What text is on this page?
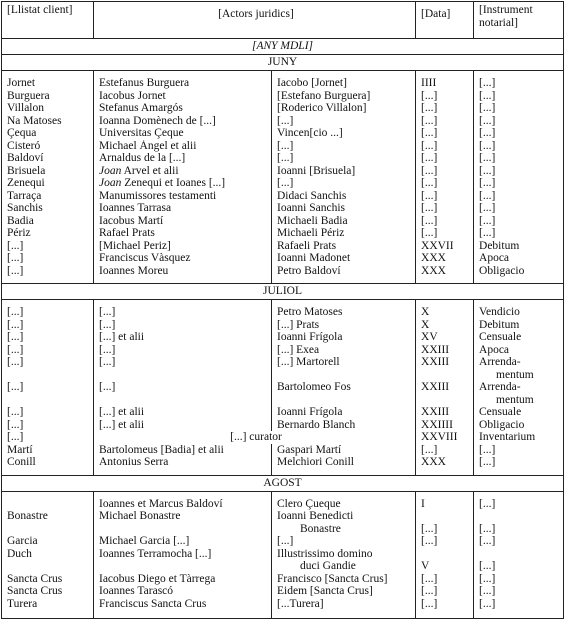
[Llistat client]	[Actors juridics]		[Data]	[Instrument notarial]
[ANY MDLI]				
JUNY				

Jornet	Estefanus Burguera	Iacobo [Jornet]	IIII	[...]
Burguera	Iacobus Jornet	[Estefano Burguera]	[...]	[...]
Villalon	Stefanus Amargós	[Roderico Villalon]	[...]	[...]
Na Matoses	Ioanna Domènech de [...]	[...]	[...]	[...]
Çequa	Universitas Çeque	Vincen[cio ...]	[...]	[...]
Cisteró	Michael Àngel et alii	[...]	[...]	[...]
Baldoví	Arnaldus de la [...]	[...]	[...]	[...]
Brisuela	Joan Arvel et alii	Ioanni [Brisuela]	[...]	[...]
Zenequi	Joan Zenequi et Ioanes [...]	[...]	[...]	[...]
Tarraça	Manumissores testamenti	Didaci Sanchis	[...]	[...]
Sanchis	Ioannes Tarrasa	Ioanni Sanchis	[...]	[...]
Badia	Iacobus Martí	Michaeli Badia	[...]	[...]
Périz	Rafael Prats	Michaeli Périz	[...]	[...]
[...]	[Michael Periz]	Rafaeli Prats	XXVII	Debitum
[...]	Franciscus Vàsquez	Ioanni Madonet	XXX	Apoca
[...]	Ioannes Moreu	Petro Baldoví	XXX	Obligacio

JULIOL				

[...]	[...]	Petro Matoses	X	Vendicio
[...]	[...]	[...] Prats	X	Debitum
[...]	[...] et alii	Ioanni Frígola	XV	Censuale
[...]	[...]	[...] Exea	XXIII	Apoca
[...]	[...]	[...] Martorell	XXIII	Arrenda-
				mentum
[...]	[...]	Bartolomeo Fos	XXIII	Arrenda-
				mentum
[...]	[...] et alii	Ioanni Frígola	XXIII	Censuale
[...]	[...] et alii	Bernardo Blanch	XXIIII	Obligacio
[...]	[...] curator		XXVIII	Inventarium
Martí	Bartolomeus [Badia] et alii	Gaspari Martí	[...]	[...]
Conill	Antonius Serra	Melchiori Conill	XXX	[...]

AGOST				

	Ioannes et Marcus Baldoví	Clero Çueque	I	[...]
Bonastre	Michael Bonastre	Ioanni Benedicti		
		Bonastre	[...]	[...]
Garcia	Michael Garcia [...]	[...]	[...]	[...]
Duch	Ioannes Terramocha [...]	Illustrissimo domino		
		duci Gandie	V	[...]
Sancta Crus	Iacobus Diego et Tàrrega	Francisco [Sancta Crus]	[...]	[...]
Sancta Crus	Ioannes Tarascó	Eidem [Sancta Crus]	[...]	[...]
Turera	Franciscus Sancta Crus	[...Turera]	[...]	[...]
